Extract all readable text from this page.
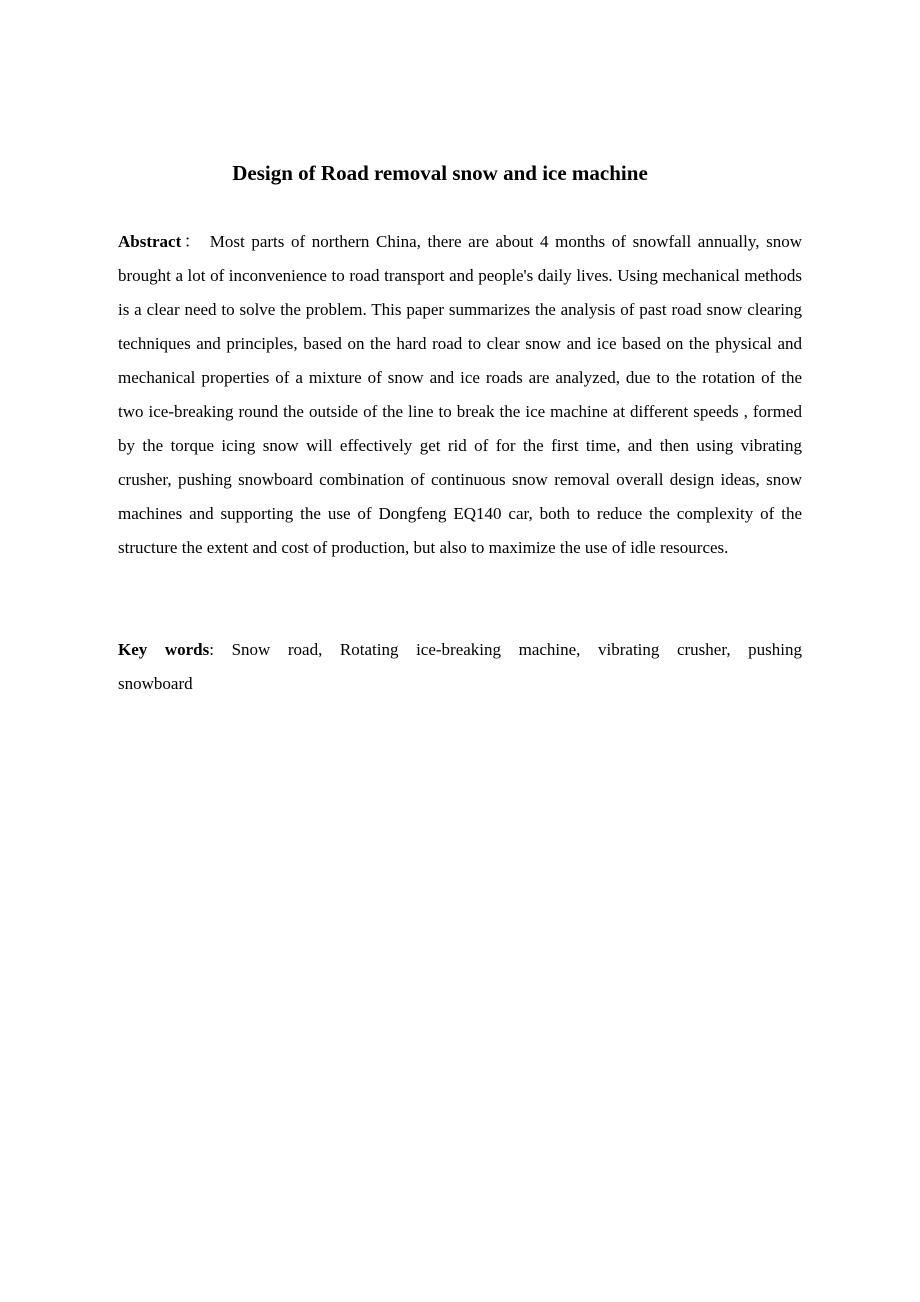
Design of Road removal snow and ice machine

Abstract： Most parts of northern China, there are about 4 months of snowfall annually, snow brought a lot of inconvenience to road transport and people's daily lives. Using mechanical methods is a clear need to solve the problem. This paper summarizes the analysis of past road snow clearing techniques and principles, based on the hard road to clear snow and ice based on the physical and mechanical properties of a mixture of snow and ice roads are analyzed, due to the rotation of the two ice-breaking round the outside of the line to break the ice machine at different speeds , formed by the torque icing snow will effectively get rid of for the first time, and then using vibrating crusher, pushing snowboard combination of continuous snow removal overall design ideas, snow machines and supporting the use of Dongfeng EQ140 car, both to reduce the complexity of the structure the extent and cost of production, but also to maximize the use of idle resources.

Key words: Snow road, Rotating ice-breaking machine, vibrating crusher, pushing snowboard
